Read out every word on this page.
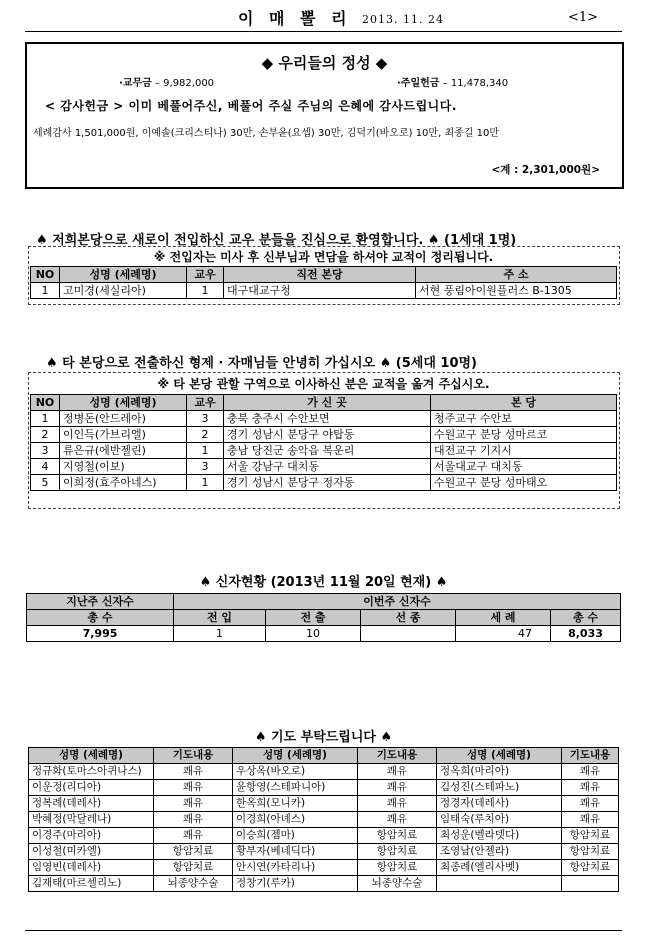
이 매 뽈 리 2013. 11. 24	<1>
◆ 우리들의 정성 ◆
·교무금 – 9,982,000	·주일헌금 – 11,478,340
< 감사헌금 > 이미 베풀어주신, 베풀어 주실 주님의 은혜에 감사드립니다.
세례감사 1,501,000원, 이예솔(크리스티나) 30만, 손부윤(요셉) 30만, 김덕기(바오로) 10만, 최종길 10만
<계 : 2,301,000원>
♠ 저희본당으로 새로이 전입하신 교우 분들을 진심으로 환영합니다. ♠ (1세대 1명)
※ 전입자는 미사 후 신부님과 면담을 하셔야 교적이 정리됩니다.
NO	성명 (세례명)	교우	직전 본당	주 소
1	고미경(세실리아)	1	대구대교구청	서현 풍림아이원플러스 B-1305
♠ 타 본당으로 전출하신 형제 · 자매님들 안녕히 가십시오 ♠ (5세대 10명)
※ 타 본당 관할 구역으로 이사하신 분은 교적을 옮겨 주십시오.
NO	성명 (세례명)	교우	가 신 곳	본 당
1	정병돈(안드레아)	3	충북 충주시 수안보면	청주교구 수안보
2	이인득(가브리엘)	2	경기 성남시 분당구 야탑동	수원교구 분당 성마르코
3	류은규(에반젤린)	1	충남 당진군 송악읍 복운리	대전교구 기지시
4	지영철(이보)	3	서울 강남구 대치동	서울대교구 대치동
5	이희정(효주아네스)	1	경기 성남시 분당구 정자동	수원교구 분당 성마태오
♠ 신자현황 (2013년 11월 20일 현재) ♠
지난주 신자수	이번주 신자수				
총 수	전 입	전 출	선 종	세 례	총 수
7,995	1	10		47	8,033
♠ 기도 부탁드립니다 ♠
성명 (세례명)	기도내용	성명 (세례명)	기도내용	성명 (세례명)	기도내용
정규화(토마스아퀴나스)	쾌유	우상옥(바오로)	쾌유	정옥희(마리아)	쾌유
이운정(리디아)	쾌유	윤항영(스테파니아)	쾌유	김성진(스테파노)	쾌유
정복례(데레사)	쾌유	한옥희(모니카)	쾌유	정경자(데레사)	쾌유
박혜정(막달레나)	쾌유	이경희(아녜스)	쾌유	임태숙(루치아)	쾌유
이경주(마리아)	쾌유	이승희(젬마)	항암치료	최성운(벨라뎃다)	항암치료
이성철(미카엘)	항암치료	황부자(베네딕다)	항암치료	조영남(안젤라)	항암치료
임영빈(데레사)	항암치료	안시연(카타리나)	항암치료	최종례(엘리사벳)	항암치료
김재태(마르셀리노)	뇌종양수술	정창기(루카)	뇌종양수술		
